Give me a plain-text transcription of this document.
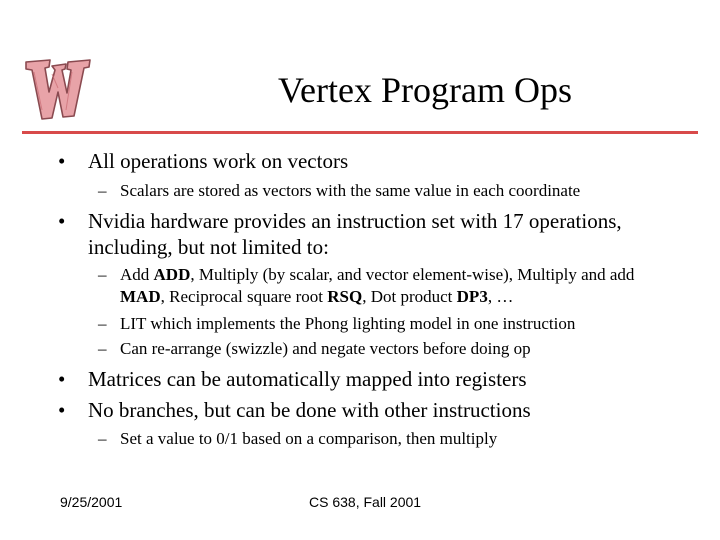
Vertex Program Ops
• All operations work on vectors
– Scalars are stored as vectors with the same value in each coordinate
• Nvidia hardware provides an instruction set with 17 operations, including, but not limited to:
– Add ADD, Multiply (by scalar, and vector element-wise), Multiply and add MAD, Reciprocal square root RSQ, Dot product DP3, …
– LIT which implements the Phong lighting model in one instruction
– Can re-arrange (swizzle) and negate vectors before doing op
• Matrices can be automatically mapped into registers
• No branches, but can be done with other instructions
– Set a value to 0/1 based on a comparison, then multiply
9/25/2001	CS 638, Fall 2001
